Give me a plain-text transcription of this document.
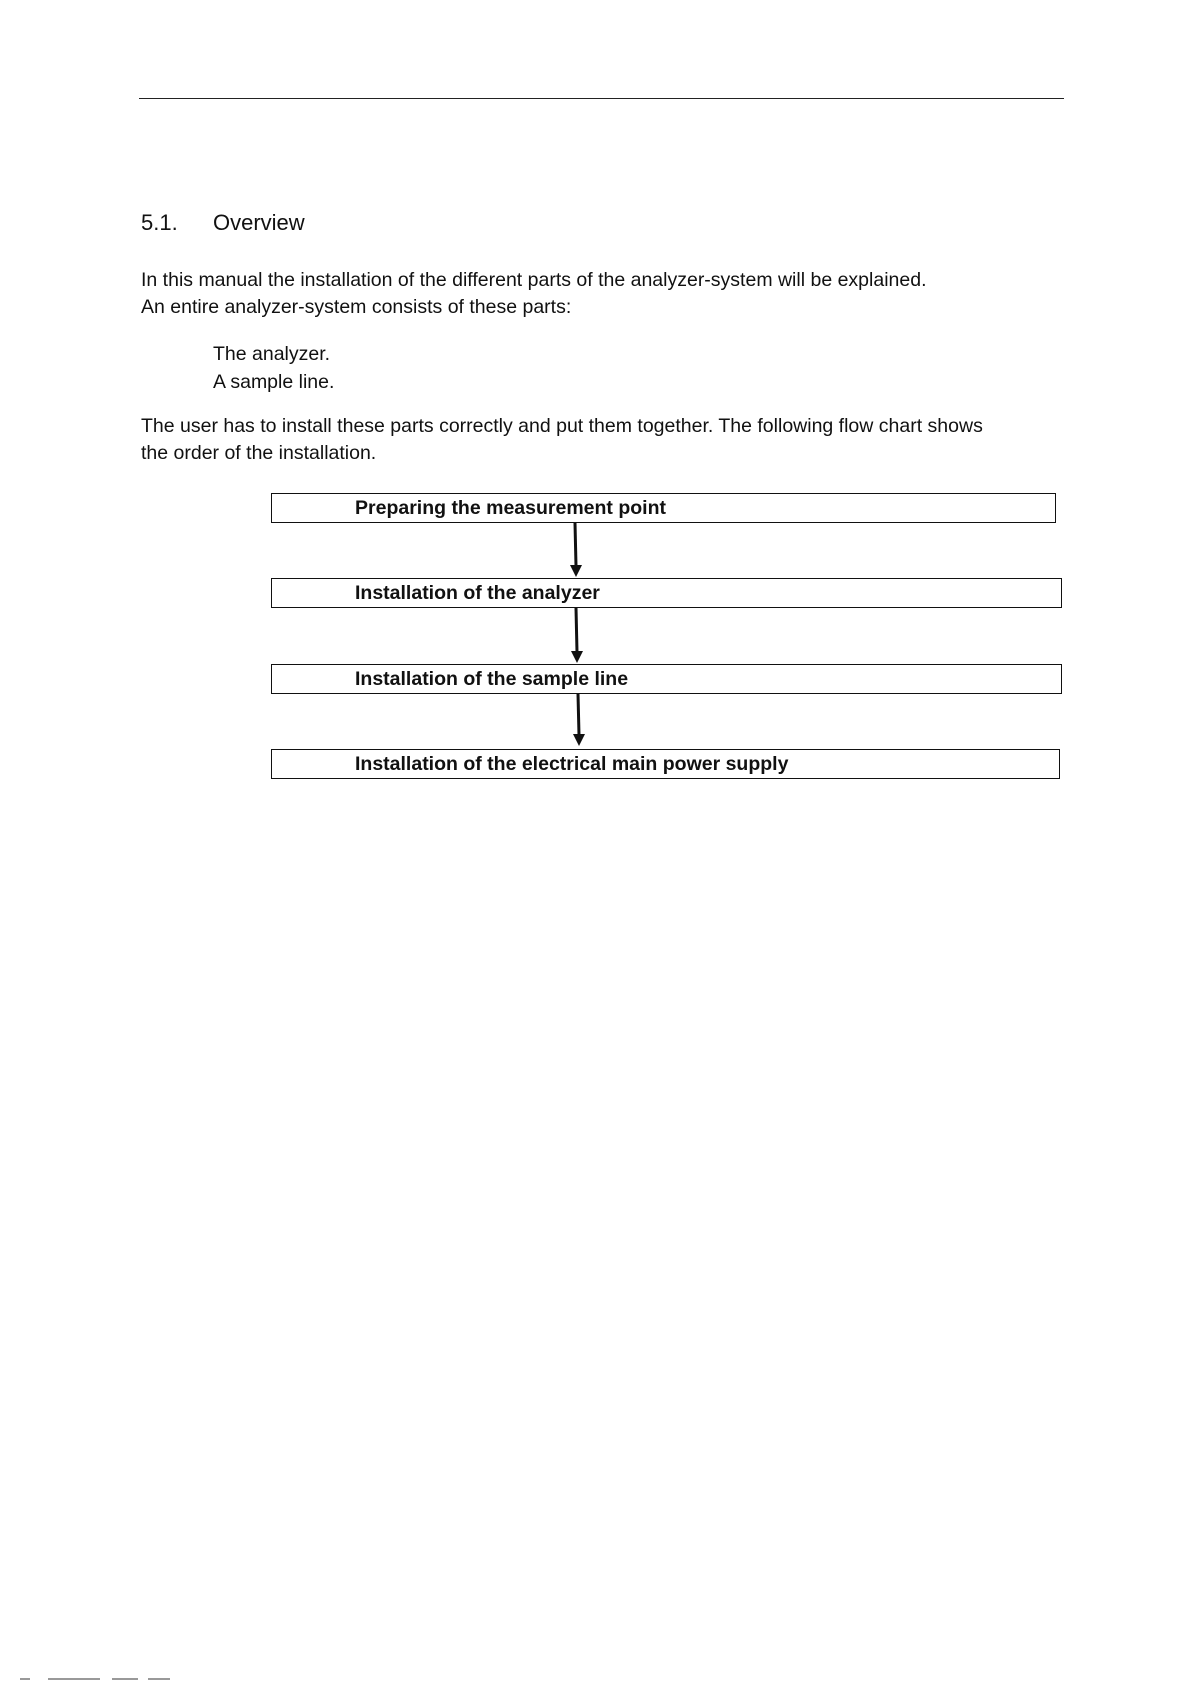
5.1. Overview
In this manual the installation of the different parts of the analyzer-system will be explained.
An entire analyzer-system consists of these parts:
The analyzer.
A sample line.
The user has to install these parts correctly and put them together. The following flow chart shows
the order of the installation.
Preparing the measurement point
Installation of the analyzer
Installation of the sample line
Installation of the electrical main power supply
